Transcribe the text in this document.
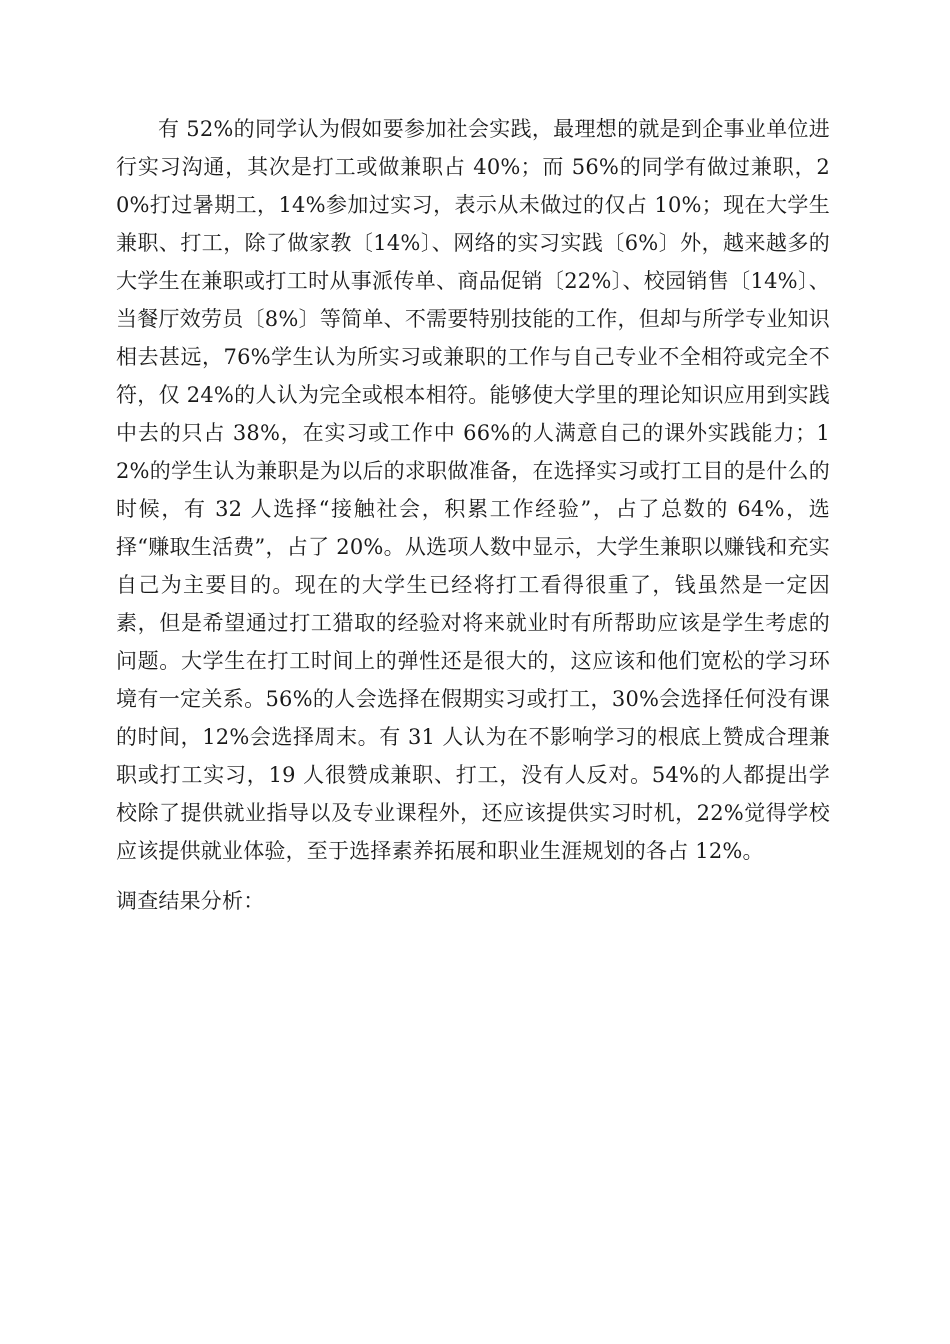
有 52%的同学认为假如要参加社会实践，最理想的就是到企事业单位进行实习沟通，其次是打工或做兼职占 40%；而 56%的同学有做过兼职，20%打过暑期工，14%参加过实习，表示从未做过的仅占 10%；现在大学生兼职、打工，除了做家教〔14%〕、网络的实习实践〔6%〕外，越来越多的大学生在兼职或打工时从事派传单、商品促销〔22%〕、校园销售〔14%〕、当餐厅效劳员〔8%〕等简单、不需要特别技能的工作，但却与所学专业知识相去甚远，76%学生认为所实习或兼职的工作与自己专业不全相符或完全不符，仅 24%的人认为完全或根本相符。能够使大学里的理论知识应用到实践中去的只占 38%，在实习或工作中 66%的人满意自己的课外实践能力；12%的学生认为兼职是为以后的求职做准备，在选择实习或打工目的是什么的时候，有 32 人选择“接触社会，积累工作经验”，占了总数的 64%，选择“赚取生活费”，占了 20%。从选项人数中显示，大学生兼职以赚钱和充实自己为主要目的。现在的大学生已经将打工看得很重了，钱虽然是一定因素，但是希望通过打工猎取的经验对将来就业时有所帮助应该是学生考虑的问题。大学生在打工时间上的弹性还是很大的，这应该和他们宽松的学习环境有一定关系。56%的人会选择在假期实习或打工，30%会选择任何没有课的时间，12%会选择周末。有 31 人认为在不影响学习的根底上赞成合理兼职或打工实习，19 人很赞成兼职、打工，没有人反对。54%的人都提出学校除了提供就业指导以及专业课程外，还应该提供实习时机，22%觉得学校应该提供就业体验，至于选择素养拓展和职业生涯规划的各占 12%。

调查结果分析：
